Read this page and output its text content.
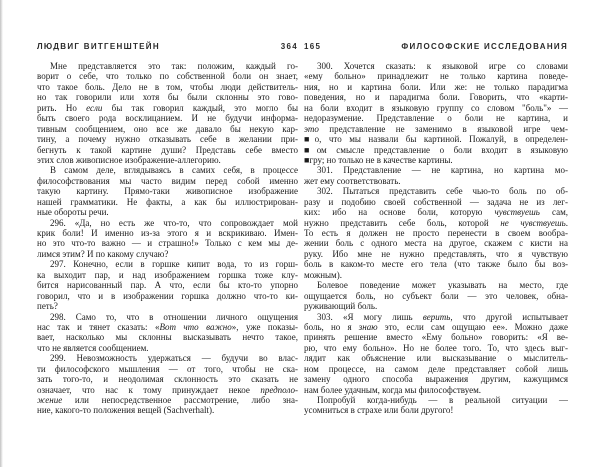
ЛЮДВИГ ВИТГЕНШТЕЙН	364
Мне представляется это так: положим, каждый го-
ворит о себе, что только по собственной боли он знает,
что такое боль. Дело не в том, чтобы люди действитель-
но так говорили или хотя бы были склонны это гово-
рить. Но если бы так говорил каждый, это могло бы
быть своего рода восклицанием. И не будучи информа-
тивным сообщением, оно все же давало бы некую кар-
тину, а почему нужно отказывать себе в желании при-
бегнуть к такой картине души? Представь себе вместо
этих слов живописное изображение-аллегорию.
В самом деле, вглядываясь в самих себя, в процессе
философствования мы часто видим перед собой именно
такую картину. Прямо-таки живописное изображение
нашей грамматики. Не факты, а как бы иллюстрирован-
ные обороты речи.
296. «Да, но есть же что-то, что сопровождает мой
крик боли! И именно из-за этого я и вскрикиваю. Имен-
но это что-то важно — и страшно!» Только с кем мы де-
лимся этим? И по какому случаю?
297. Конечно, если в горшке кипит вода, то из горш-
ка выходит пар, и над изображением горшка тоже клу-
бится нарисованный пар. А что, если бы кто-то упорно
говорил, что и в изображении горшка должно что-то ки-
петь?
298. Само то, что в отношении личного ощущения
нас так и тянет сказать: «Вот что важно», уже показы-
вает, насколько мы склонны высказывать нечто такое,
что не является сообщением.
299. Невозможность удержаться — будучи во влас-
ти философского мышления — от того, чтобы не ска-
зать того-то, и неодолимая склонность это сказать не
означает, что нас к тому принуждает некое предполо-
жение или непосредственное рассмотрение, либо зна-
ние, какого-то положения вещей (Sachverhalt).
165	ФИЛОСОФСКИЕ ИССЛЕДОВАНИЯ
300. Хочется сказать: к языковой игре со словами
«ему больно» принадлежит не только картина поведе-
ния, но и картина боли. Или же: не только парадигма
поведения, но и парадигма боли. Говорить, что «карти-
на боли входит в языковую группу со словом "боль"» —
недоразумение. Представление о боли не картина, и
это представление не заменимо в языковой игре чем-
■о, что мы назвали бы картиной. Пожалуй, в определен-
■ом смысле представление о боли входит в языковую
■гру; но только не в качестве картины.
301. Представление — не картина, но картина мо-
жет ему соответствовать.
302. Пытаться представить себе чью-то боль по об-
разу и подобию своей собственной — задача не из лег-
ких: ибо на основе боли, которую чувствуешь сам,
нужно представить себе боль, которой не чувствуешь.
То есть я должен не просто перенести в своем вообра-
жении боль с одного места на другое, скажем с кисти на
руку. Ибо мне не нужно представлять, что я чувствую
боль в каком-то месте его тела (что также было бы воз-
можным).
Болевое поведение может указывать на место, где
ощущается боль, но субъект боли — это человек, обна-
руживающий боль.
303. «Я могу лишь верить, что другой испытывает
боль, но я знаю это, если сам ощущаю ее». Можно даже
принять решение вместо «Ему больно» говорить: «Я ве-
рю, что ему больно». Но не более того. То, что здесь выг-
лядит как объяснение или высказывание о мыслитель-
ном процессе, на самом деле представляет собой лишь
замену одного способа выражения другим, кажущимся
нам более удачным, когда мы философствуем.
Попробуй когда-нибудь — в реальной ситуации —
усомниться в страхе или боли другого!
